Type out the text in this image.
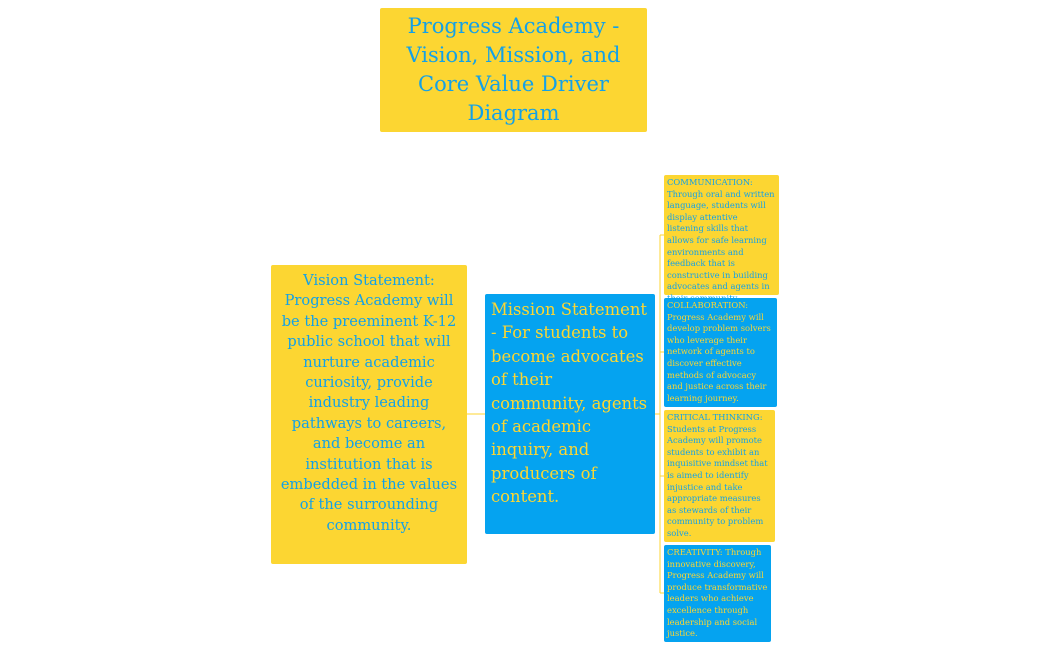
Progress Academy - Vision, Mission, and Core Value Driver Diagram
Vision Statement: Progress Academy will be the preeminent K-12 public school that will nurture academic curiosity, provide industry leading pathways to careers, and become an institution that is embedded in the values of the surrounding community.
Mission Statement - For students to become advocates of their community, agents of academic inquiry, and producers of content.
COMMUNICATION: Through oral and written language, students will display attentive listening skills that allows for safe learning environments and feedback that is constructive in building advocates and agents in
COLLABORATION: Progress Academy will develop problem solvers who leverage their network of agents to discover effective methods of advocacy and justice across their learning journey.
CRITICAL THINKING: Students at Progress Academy will promote students to exhibit an inquisitive mindset that is aimed to identify injustice and take appropriate measures as stewards of their community to problem solve.
CREATIVITY: Through innovative discovery, Progress Academy will produce transformative leaders who achieve excellence through leadership and social justice.
